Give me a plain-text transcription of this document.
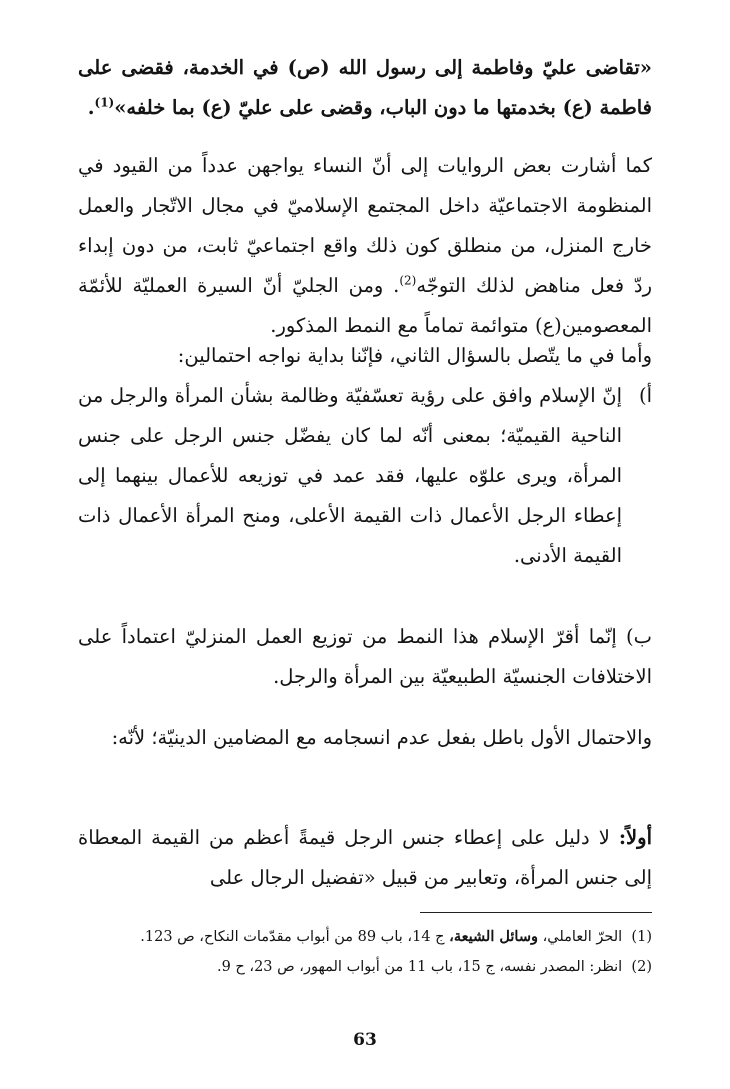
«تقاضى عليّ وفاطمة إلى رسول الله (ص) في الخدمة، فقضى على فاطمة (ع) بخدمتها ما دون الباب، وقضى على عليّ (ع) بما خلفه»$^{(1)}$.

كما أشارت بعض الروايات إلى أنّ النساء يواجهن عدداً من القيود في المنظومة الاجتماعيّة داخل المجتمع الإسلاميّ في مجال الاتّجار والعمل خارج المنزل، من منطلق كون ذلك واقع اجتماعيّ ثابت، من دون إبداء ردّ فعل مناهض لذلك التوجّه$^{(2)}$. ومن الجليّ أنّ السيرة العمليّة للأئمّة المعصومين(ع) متوائمة تماماً مع النمط المذكور.

وأما في ما يتّصل بالسؤال الثاني، فإنّنا بداية نواجه احتمالين:

أ)
إنّ الإسلام وافق على رؤية تعسّفيّة وظالمة بشأن المرأة والرجل من الناحية القيميّة؛ بمعنى أنّه لما كان يفضّل جنس الرجل على جنس المرأة، ويرى علوّه عليها، فقد عمد في توزيعه للأعمال بينهما إلى إعطاء الرجل الأعمال ذات القيمة الأعلى، ومنح المرأة الأعمال ذات القيمة الأدنى.
ب) إنّما أقرّ الإسلام هذا النمط من توزيع العمل المنزليّ اعتماداً على الاختلافات الجنسيّة الطبيعيّة بين المرأة والرجل.

والاحتمال الأول باطل بفعل عدم انسجامه مع المضامين الدينيّة؛ لأنّه:

أولاً: لا دليل على إعطاء جنس الرجل قيمةً أعظم من القيمة المعطاة إلى جنس المرأة، وتعابير من قبيل «تفضيل الرجال على

(1)  الحرّ العاملي، وسائل الشيعة، ج 14، باب 89 من أبواب مقدّمات النكاح، ص 123.
(2)  انظر: المصدر نفسه، ج 15، باب 11 من أبواب المهور، ص 23، ح 9.
63
